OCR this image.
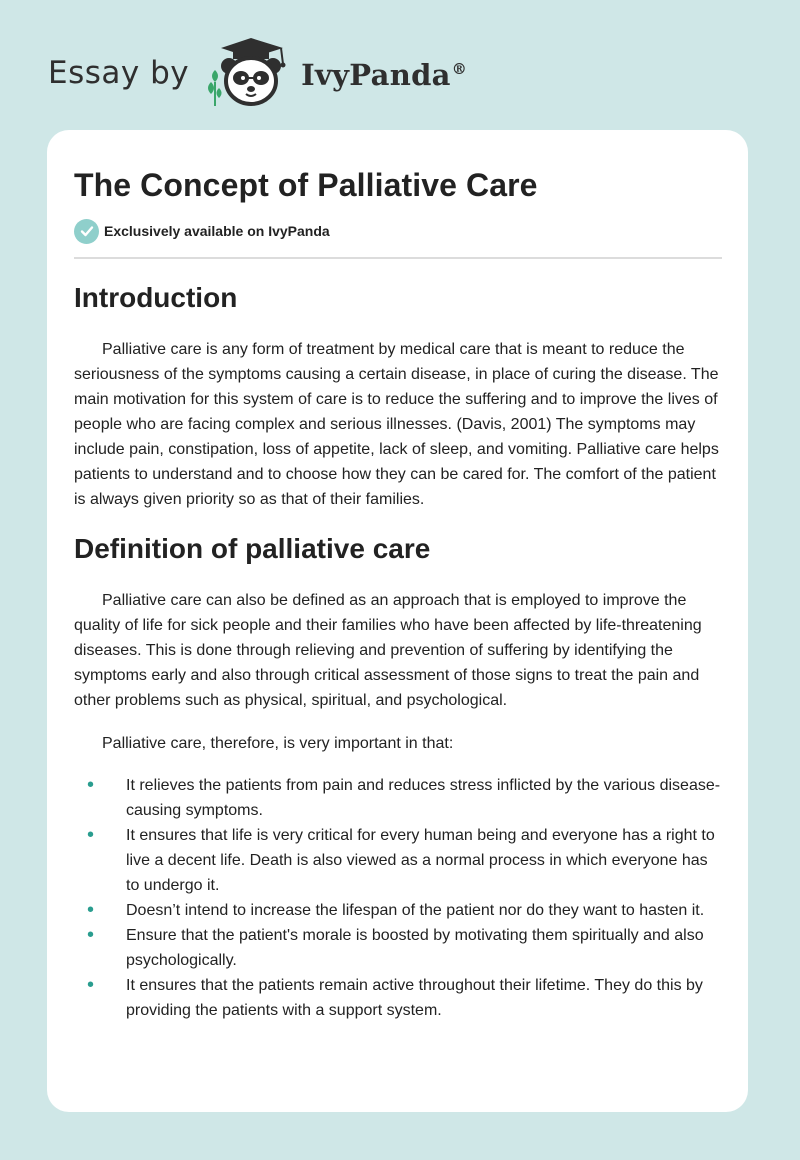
Essay by	IvyPanda®
The Concept of Palliative Care
Exclusively available on IvyPanda
Introduction

Palliative care is any form of treatment by medical care that is meant to reduce the seriousness of the symptoms causing a certain disease, in place of curing the disease. The main motivation for this system of care is to reduce the suffering and to improve the lives of people who are facing complex and serious illnesses. (Davis, 2001) The symptoms may include pain, constipation, loss of appetite, lack of sleep, and vomiting. Palliative care helps patients to understand and to choose how they can be cared for. The comfort of the patient is always given priority so as that of their families.

Definition of palliative care

Palliative care can also be defined as an approach that is employed to improve the quality of life for sick people and their families who have been affected by life-threatening diseases. This is done through relieving and prevention of suffering by identifying the symptoms early and also through critical assessment of those signs to treat the pain and other problems such as physical, spiritual, and psychological.

Palliative care, therefore, is very important in that:

• It relieves the patients from pain and reduces stress inflicted by the various disease-causing symptoms.
• It ensures that life is very critical for every human being and everyone has a right to live a decent life. Death is also viewed as a normal process in which everyone has to undergo it.
• Doesn’t intend to increase the lifespan of the patient nor do they want to hasten it.
• Ensure that the patient's morale is boosted by motivating them spiritually and also psychologically.
• It ensures that the patients remain active throughout their lifetime. They do this by providing the patients with a support system.
